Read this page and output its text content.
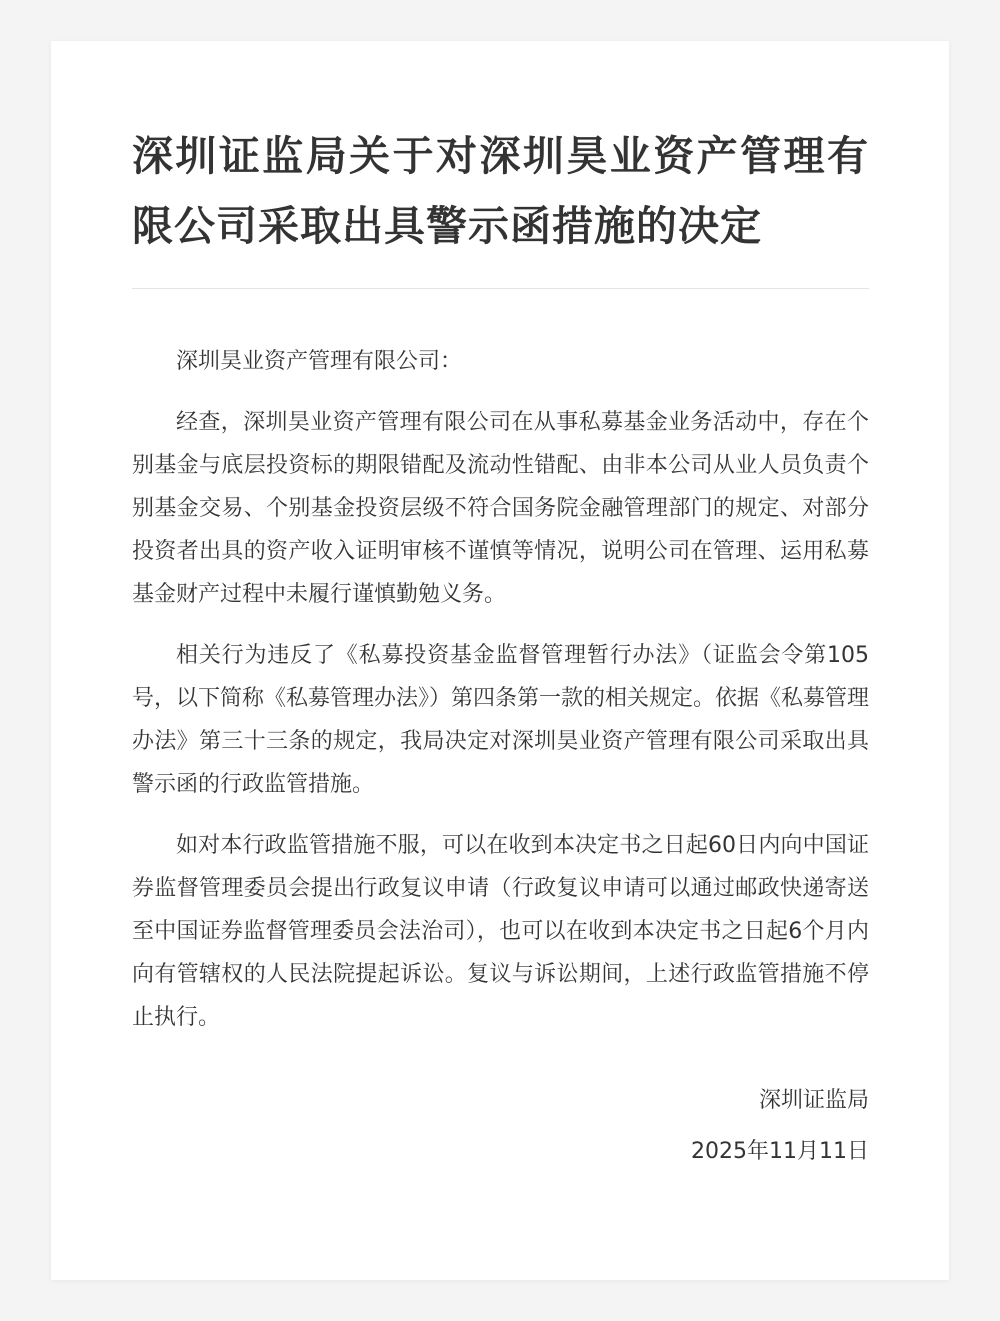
深圳证监局关于对深圳昊业资产管理有限公司采取出具警示函措施的决定

深圳昊业资产管理有限公司：

经查，深圳昊业资产管理有限公司在从事私募基金业务活动中，存在个别基金与底层投资标的期限错配及流动性错配、由非本公司从业人员负责个别基金交易、个别基金投资层级不符合国务院金融管理部门的规定、对部分投资者出具的资产收入证明审核不谨慎等情况，说明公司在管理、运用私募基金财产过程中未履行谨慎勤勉义务。

相关行为违反了《私募投资基金监督管理暂行办法》（证监会令第105号，以下简称《私募管理办法》）第四条第一款的相关规定。依据《私募管理办法》第三十三条的规定，我局决定对深圳昊业资产管理有限公司采取出具警示函的行政监管措施。

如对本行政监管措施不服，可以在收到本决定书之日起60日内向中国证券监督管理委员会提出行政复议申请（行政复议申请可以通过邮政快递寄送至中国证券监督管理委员会法治司），也可以在收到本决定书之日起6个月内向有管辖权的人民法院提起诉讼。复议与诉讼期间，上述行政监管措施不停止执行。

深圳证监局
2025年11月11日
